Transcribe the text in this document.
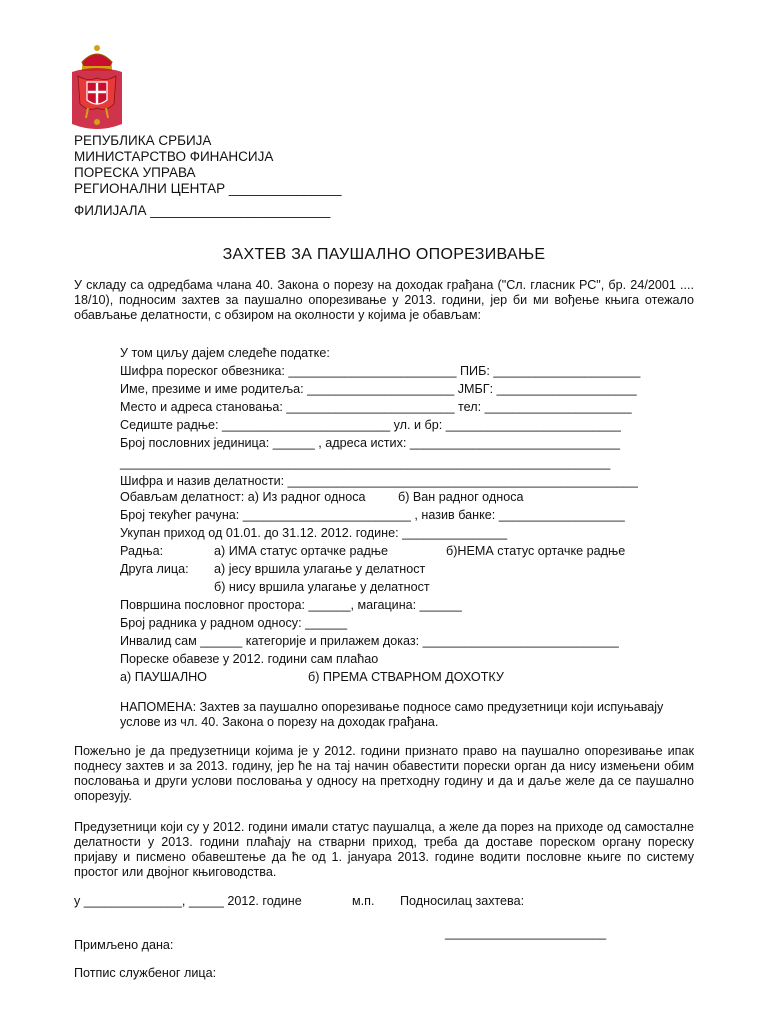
РЕПУБЛИКА СРБИЈА
МИНИСТАРСТВО ФИНАНСИЈА
ПОРЕСКА УПРАВА
РЕГИОНАЛНИ ЦЕНТАР _______________
ФИЛИЈАЛА ________________________
ЗАХТЕВ ЗА ПАУШАЛНО ОПОРЕЗИВАЊЕ
У складу са одредбама члана 40. Закона о порезу на доходак грађана ("Сл. гласник РС", бр. 24/2001 .... 18/10), подносим захтев за паушално опорезивање у 2013. години, јер би ми вођење књига отежало обављање делатности, с обзиром на околности у којима је обављам:
У том циљу дајем следеће податке:
Шифра пореског обвезника: ________________________ ПИБ: _____________________
Име, презиме и име родитеља: _____________________ ЈМБГ: ____________________
Место и адреса становања: ________________________ тел: _____________________
Седиште радње: ________________________ ул. и бр: _________________________
Број пословних јединица: ______ , адреса истих: ______________________________
______________________________________________________________________
Шифра и назив делатности: __________________________________________________
Обављам делатност: а) Из радног односа	б) Ван радног односа
Број текућег рачуна: ________________________ , назив банке: __________________
Укупан приход од 01.01. до 31.12. 2012. године: _______________
Радња:	а) ИМА статус ортачке радње	б)НЕМА статус ортачке радње
Друга лица: а) јесу вршила улагање у делатност
б) нису вршила улагање у делатност
Површина пословног простора: ______, магацина: ______
Број радника у радном односу: ______
Инвалид сам ______ категорије и прилажем доказ: ____________________________
Пореске обавезе у 2012. години сам плаћао
а) ПАУШАЛНО	б) ПРЕМА СТВАРНОМ ДОХОТКУ
НАПОМЕНА: Захтев за паушално опорезивање подносе само предузетници који испуњавају услове из чл. 40. Закона о порезу на доходак грађана.
Пожељно је да предузетници којима је у 2012. години признато право на паушално опорезивање ипак поднесу захтев и за 2013. годину, јер ће на тај начин обавестити порески орган да нису измењени обим пословања и други услови пословања у односу на претходну годину и да и даље желе да се паушално опорезују.
Предузетници који су у 2012. години имали статус паушалца, а желе да порез на приходе од самосталне делатности у 2013. години плаћају на стварни приход, треба да доставе пореском органу пореску пријаву и писмено обавештење да ће од 1. јануара 2013. године водити пословне књиге по систему простог или двојног књиговодства.
у ______________, _____ 2012. године	м.п. Подносилац захтева:
_______________________
Примљено дана:
Потпис службеног лица:
